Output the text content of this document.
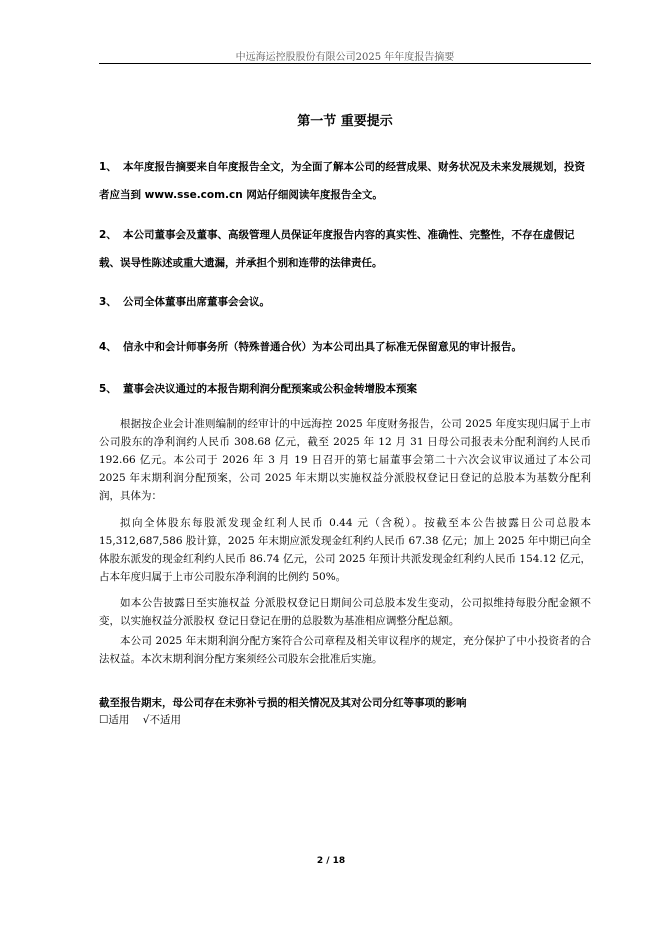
中远海运控股股份有限公司2025 年年度报告摘要
第一节 重要提示
1、 本年度报告摘要来自年度报告全文，为全面了解本公司的经营成果、财务状况及未来发展规划，投资者应当到 www.sse.com.cn 网站仔细阅读年度报告全文。
2、 本公司董事会及董事、高级管理人员保证年度报告内容的真实性、准确性、完整性，不存在虚假记载、误导性陈述或重大遗漏，并承担个别和连带的法律责任。
3、 公司全体董事出席董事会会议。
4、 信永中和会计师事务所（特殊普通合伙）为本公司出具了标准无保留意见的审计报告。
5、 董事会决议通过的本报告期利润分配预案或公积金转增股本预案
根据按企业会计准则编制的经审计的中远海控 2025 年度财务报告，公司 2025 年度实现归属于上市公司股东的净利润约人民币 308.68 亿元，截至 2025 年 12 月 31 日母公司报表未分配利润约人民币 192.66 亿元。本公司于 2026 年 3 月 19 日召开的第七届董事会第二十六次会议审议通过了本公司 2025 年末期利润分配预案，公司 2025 年末期以实施权益分派股权登记日登记的总股本为基数分配利润，具体为：
拟向全体股东每股派发现金红利人民币 0.44 元（含税）。按截至本公告披露日公司总股本 15,312,687,586 股计算，2025 年末期应派发现金红利约人民币 67.38 亿元；加上 2025 年中期已向全体股东派发的现金红利约人民币 86.74 亿元，公司 2025 年预计共派发现金红利约人民币 154.12 亿元，占本年度归属于上市公司股东净利润的比例约 50%。
如本公告披露日至实施权益 分派股权登记日期间公司总股本发生变动，公司拟维持每股分配金额不变，以实施权益分派股权 登记日登记在册的总股数为基准相应调整分配总额。
本公司 2025 年末期利润分配方案符合公司章程及相关审议程序的规定，充分保护了中小投资者的合法权益。本次末期利润分配方案须经公司股东会批准后实施。
截至报告期末，母公司存在未弥补亏损的相关情况及其对公司分红等事项的影响
☐适用 √不适用
2 / 18
